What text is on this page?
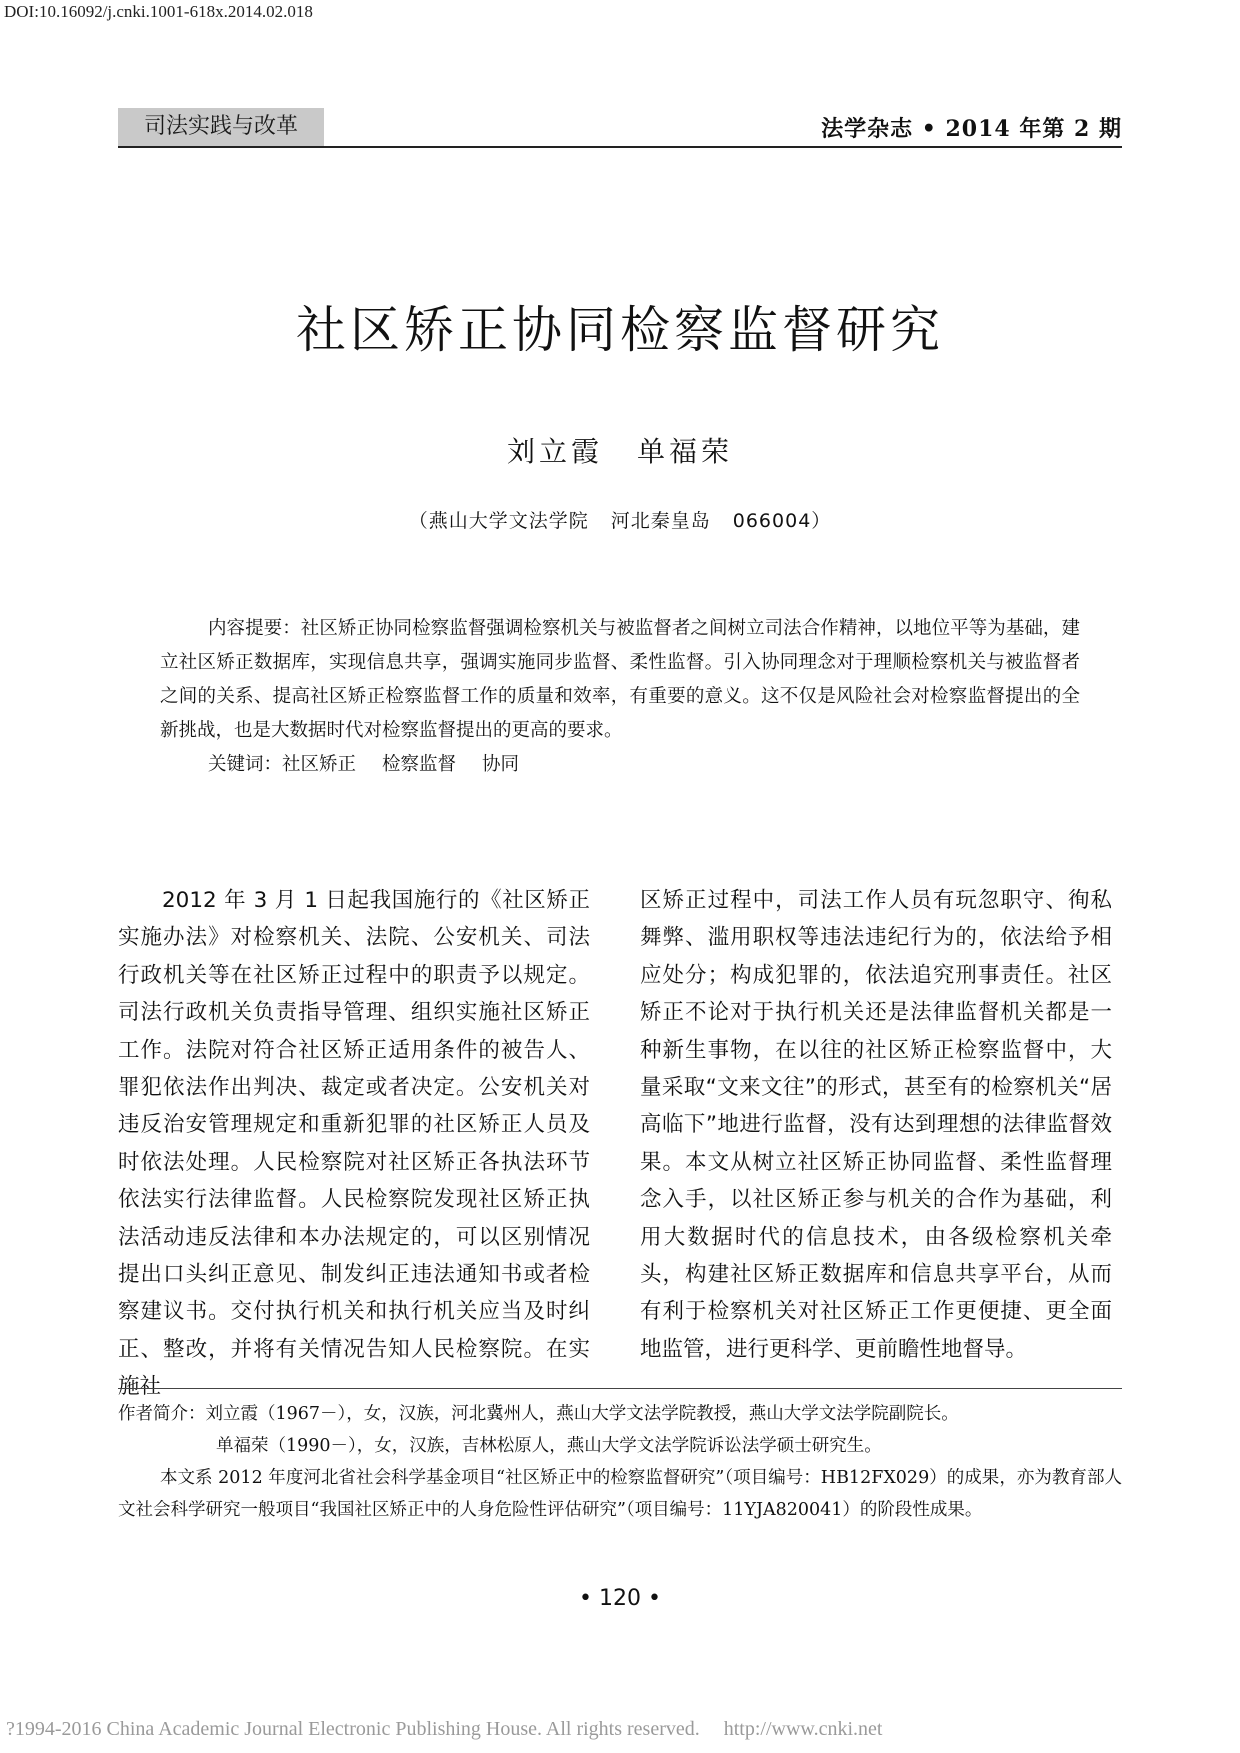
DOI:10.16092/j.cnki.1001-618x.2014.02.018
司法实践与改革	法学杂志 • 2014 年第 2 期
社区矫正协同检察监督研究
刘立霞 单福荣
（燕山大学文法学院 河北秦皇岛 066004）

内容提要：社区矫正协同检察监督强调检察机关与被监督者之间树立司法合作精神，以地位平等为基础，建立社区矫正数据库，实现信息共享，强调实施同步监督、柔性监督。引入协同理念对于理顺检察机关与被监督者之间的关系、提高社区矫正检察监督工作的质量和效率，有重要的意义。这不仅是风险社会对检察监督提出的全新挑战，也是大数据时代对检察监督提出的更高的要求。

关键词：社区矫正 检察监督 协同

2012 年 3 月 1 日起我国施行的《社区矫正实施办法》对检察机关、法院、公安机关、司法行政机关等在社区矫正过程中的职责予以规定。司法行政机关负责指导管理、组织实施社区矫正工作。法院对符合社区矫正适用条件的被告人、罪犯依法作出判决、裁定或者决定。公安机关对违反治安管理规定和重新犯罪的社区矫正人员及时依法处理。人民检察院对社区矫正各执法环节依法实行法律监督。人民检察院发现社区矫正执法活动违反法律和本办法规定的，可以区别情况提出口头纠正意见、制发纠正违法通知书或者检察建议书。交付执行机关和执行机关应当及时纠正、整改，并将有关情况告知人民检察院。在实施社

区矫正过程中，司法工作人员有玩忽职守、徇私舞弊、滥用职权等违法违纪行为的，依法给予相应处分；构成犯罪的，依法追究刑事责任。社区矫正不论对于执行机关还是法律监督机关都是一种新生事物，在以往的社区矫正检察监督中，大量采取“文来文往”的形式，甚至有的检察机关“居高临下”地进行监督，没有达到理想的法律监督效果。本文从树立社区矫正协同监督、柔性监督理念入手，以社区矫正参与机关的合作为基础，利用大数据时代的信息技术，由各级检察机关牵头，构建社区矫正数据库和信息共享平台，从而有利于检察机关对社区矫正工作更便捷、更全面地监管，进行更科学、更前瞻性地督导。

作者简介：刘立霞（1967－），女，汉族，河北冀州人，燕山大学文法学院教授，燕山大学文法学院副院长。

单福荣（1990－），女，汉族，吉林松原人，燕山大学文法学院诉讼法学硕士研究生。

本文系 2012 年度河北省社会科学基金项目“社区矫正中的检察监督研究”（项目编号：HB12FX029）的成果，亦为教育部人文社会科学研究一般项目“我国社区矫正中的人身危险性评估研究”（项目编号：11YJA820041）的阶段性成果。

• 120 •
?1994-2016 China Academic Journal Electronic Publishing House. All rights reserved. http://www.cnki.net
